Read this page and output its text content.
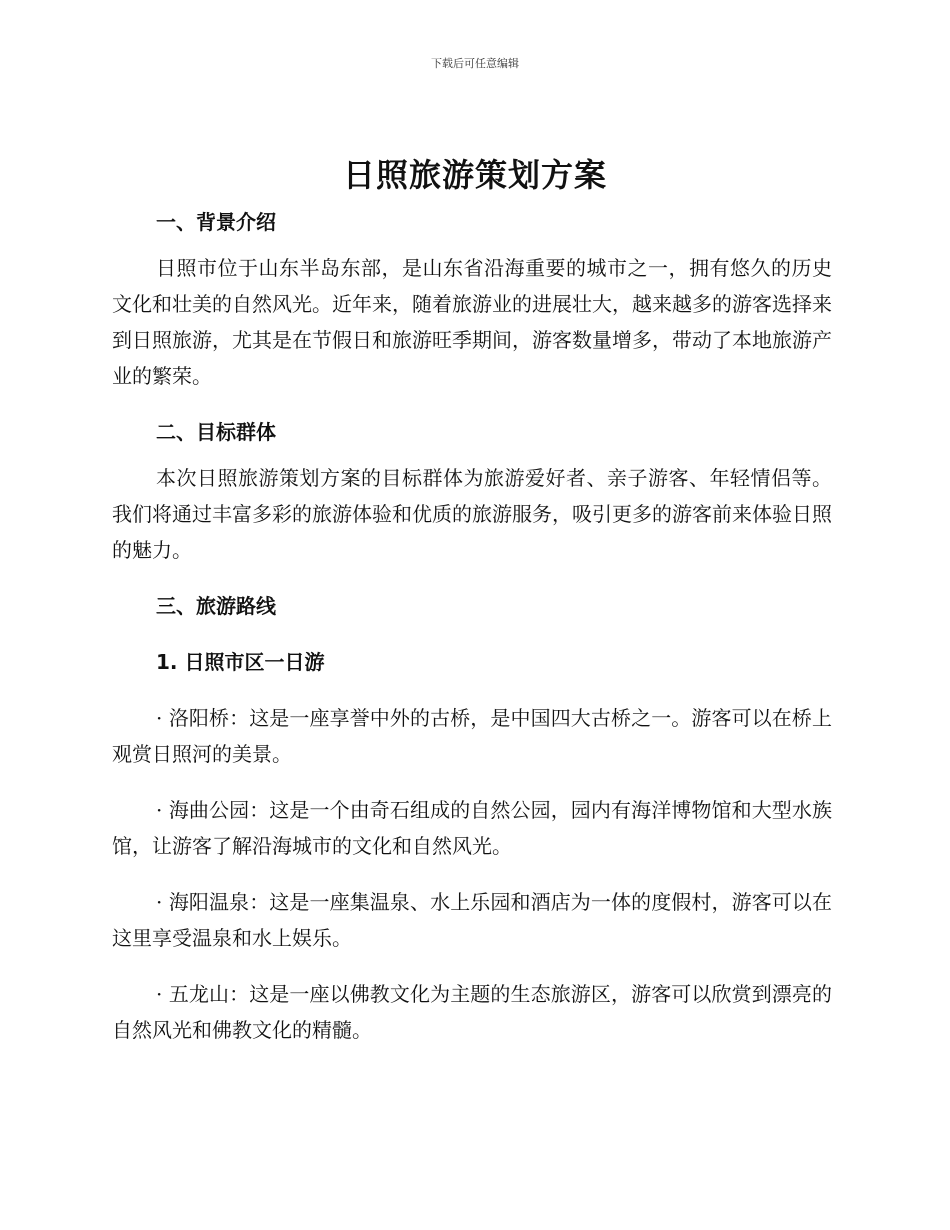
下载后可任意编辑
日照旅游策划方案
一、背景介绍
日照市位于山东半岛东部，是山东省沿海重要的城市之一，拥有悠久的历史文化和壮美的自然风光。近年来，随着旅游业的进展壮大，越来越多的游客选择来到日照旅游，尤其是在节假日和旅游旺季期间，游客数量增多，带动了本地旅游产业的繁荣。
二、目标群体
本次日照旅游策划方案的目标群体为旅游爱好者、亲子游客、年轻情侣等。我们将通过丰富多彩的旅游体验和优质的旅游服务，吸引更多的游客前来体验日照的魅力。
三、旅游路线
1. 日照市区一日游
· 洛阳桥：这是一座享誉中外的古桥，是中国四大古桥之一。游客可以在桥上观赏日照河的美景。
· 海曲公园：这是一个由奇石组成的自然公园，园内有海洋博物馆和大型水族馆，让游客了解沿海城市的文化和自然风光。
· 海阳温泉：这是一座集温泉、水上乐园和酒店为一体的度假村，游客可以在这里享受温泉和水上娱乐。
· 五龙山：这是一座以佛教文化为主题的生态旅游区，游客可以欣赏到漂亮的自然风光和佛教文化的精髓。
